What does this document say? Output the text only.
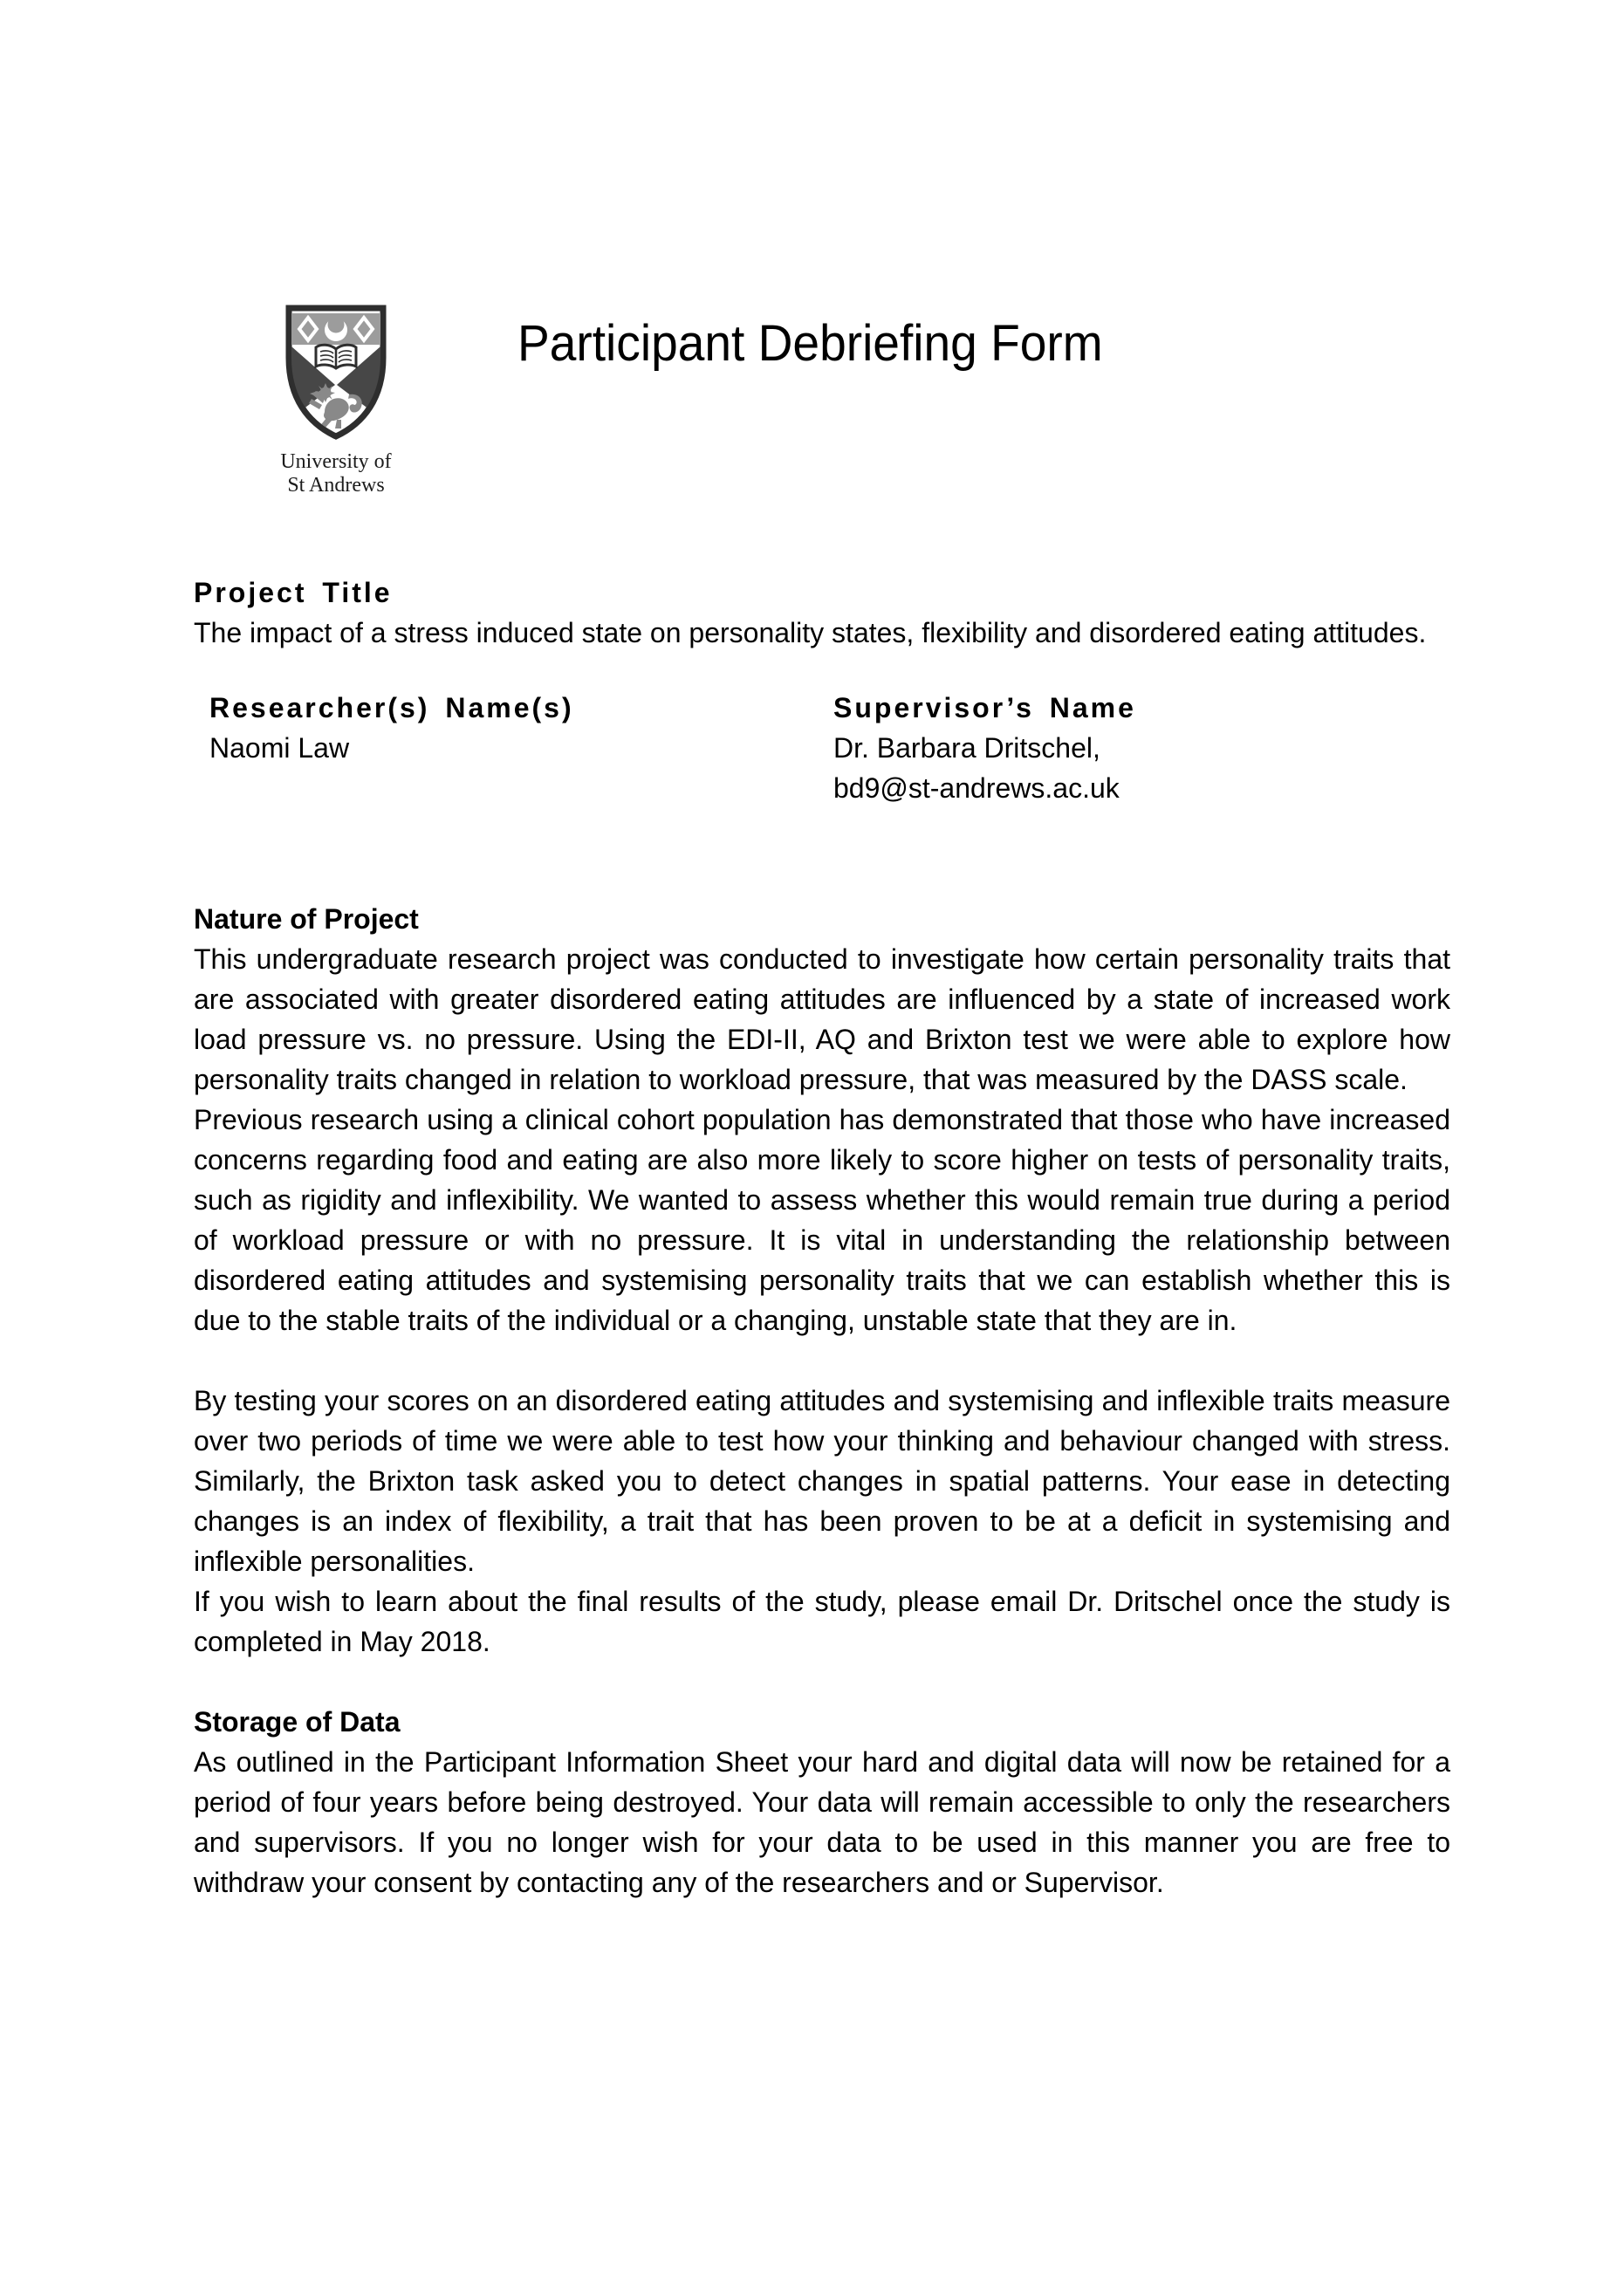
University of
St Andrews
Participant Debriefing Form
Project Title

The impact of a stress induced state on personality states, flexibility and disordered eating attitudes.

Researcher(s) Name(s)
Naomi Law
Supervisor’s Name
Dr. Barbara Dritschel,
bd9@st-andrews.ac.uk
Nature of Project

This undergraduate research project was conducted to investigate how certain personality traits that are associated with greater disordered eating attitudes are influenced by a state of increased work load pressure vs. no pressure. Using the EDI-II, AQ and Brixton test we were able to explore how personality traits changed in relation to workload pressure, that was measured by the DASS scale.

Previous research using a clinical cohort population has demonstrated that those who have increased concerns regarding food and eating are also more likely to score higher on tests of personality traits, such as rigidity and inflexibility. We wanted to assess whether this would remain true during a period of workload pressure or with no pressure. It is vital in understanding the relationship between disordered eating attitudes and systemising personality traits that we can establish whether this is due to the stable traits of the individual or a changing, unstable state that they are in.

By testing your scores on an disordered eating attitudes and systemising and inflexible traits measure over two periods of time we were able to test how your thinking and behaviour changed with stress. Similarly, the Brixton task asked you to detect changes in spatial patterns. Your ease in detecting changes is an index of flexibility, a trait that has been proven to be at a deficit in systemising and inflexible personalities.

If you wish to learn about the final results of the study, please email Dr. Dritschel once the study is completed in May 2018.

Storage of Data

As outlined in the Participant Information Sheet your hard and digital data will now be retained for a period of four years before being destroyed. Your data will remain accessible to only the researchers and supervisors. If you no longer wish for your data to be used in this manner you are free to withdraw your consent by contacting any of the researchers and or Supervisor.
